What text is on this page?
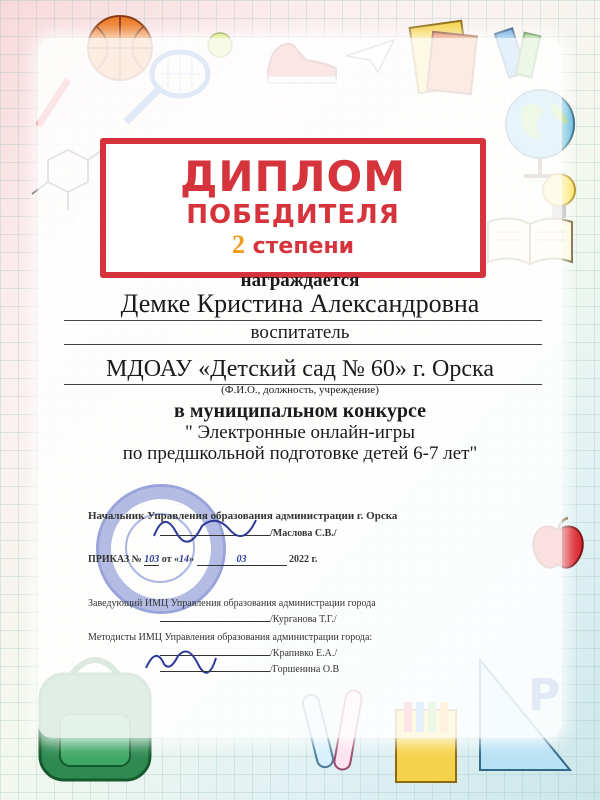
ДИПЛОМ
ПОБЕДИТЕЛЯ
2 степени
награждается
Демке Кристина Александровна
воспитатель
МДОАУ «Детский сад № 60» г. Орска
(Ф.И.О., должность, учреждение)
в муниципальном конкурсе
" Электронные онлайн-игры
по предшкольной подготовке детей 6-7 лет"
Начальник Управления образования администрации г. Орска
/Маслова С.В./
ПРИКАЗ № 103 от «14»	03	2022 г.
Заведующий ИМЦ Управления образования администрации города
/Курганова Т.Г./
Методисты ИМЦ Управления образования администрации города:
/Крапивко Е.А./
/Горшенина О.В
